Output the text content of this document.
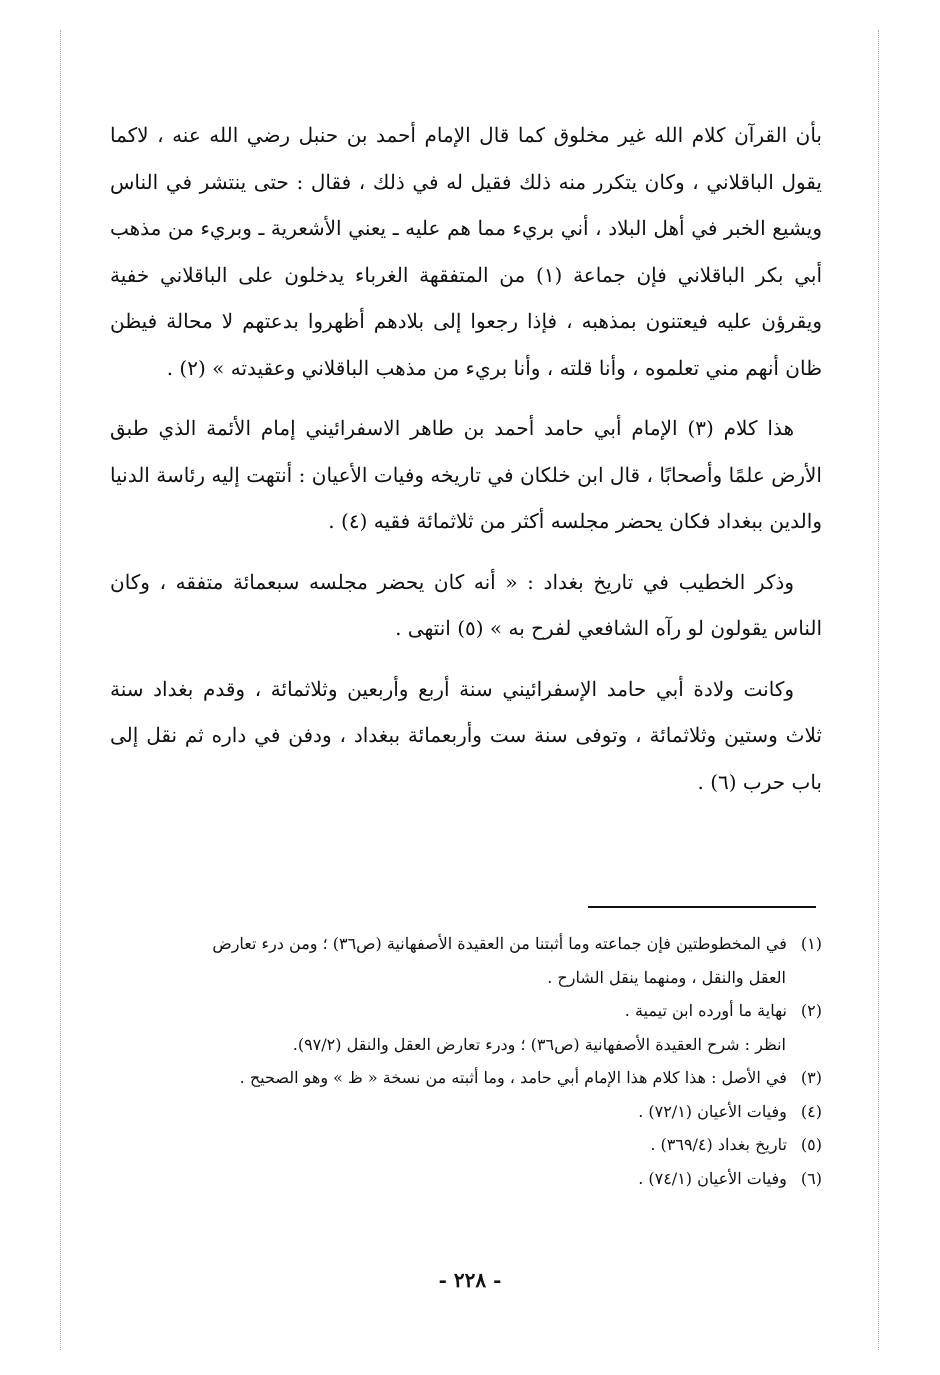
بأن القرآن كلام الله غير مخلوق كما قال الإمام أحمد بن حنبل رضي الله عنه ، لاكما يقول الباقلاني ، وكان يتكرر منه ذلك فقيل له في ذلك ، فقال : حتى ينتشر في الناس ويشيع الخبر في أهل البلاد ، أني بريء مما هم عليه ـ يعني الأشعرية ـ وبريء من مذهب أبي بكر الباقلاني فإن جماعة (١) من المتفقهة الغرباء يدخلون على الباقلاني خفية ويقرؤن عليه فيعتنون بمذهبه ، فإذا رجعوا إلى بلادهم أظهروا بدعتهم لا محالة فيظن ظان أنهم مني تعلموه ، وأنا قلته ، وأنا بريء من مذهب الباقلاني وعقيدته » (٢) .

هذا كلام (٣) الإمام أبي حامد أحمد بن طاهر الاسفرائيني إمام الأئمة الذي طبق الأرض علمًا وأصحابًا ، قال ابن خلكان في تاريخه وفيات الأعيان : أنتهت إليه رئاسة الدنيا والدين ببغداد فكان يحضر مجلسه أكثر من ثلاثمائة فقيه (٤) .

وذكر الخطيب في تاريخ بغداد : « أنه كان يحضر مجلسه سبعمائة متفقه ، وكان الناس يقولون لو رآه الشافعي لفرح به » (٥) انتهى .

وكانت ولادة أبي حامد الإسفرائيني سنة أربع وأربعين وثلاثمائة ، وقدم بغداد سنة ثلاث وستين وثلاثمائة ، وتوفى سنة ست وأربعمائة ببغداد ، ودفن في داره ثم نقل إلى باب حرب (٦) .

(١) في المخطوطتين فإن جماعته وما أثبتنا من العقيدة الأصفهانية (ص٣٦) ؛ ومن درء تعارض

العقل والنقل ، ومنهما ينقل الشارح .

(٢) نهاية ما أورده ابن تيمية .

انظر : شرح العقيدة الأصفهانية (ص٣٦) ؛ ودرء تعارض العقل والنقل (٩٧/٢).

(٣) في الأصل : هذا كلام هذا الإمام أبي حامد ، وما أثبته من نسخة « ظ » وهو الصحيح .

(٤) وفيات الأعيان (٧٢/١) .

(٥) تاريخ بغداد (٣٦٩/٤) .

(٦) وفيات الأعيان (٧٤/١) .

- ٢٢٨ -
